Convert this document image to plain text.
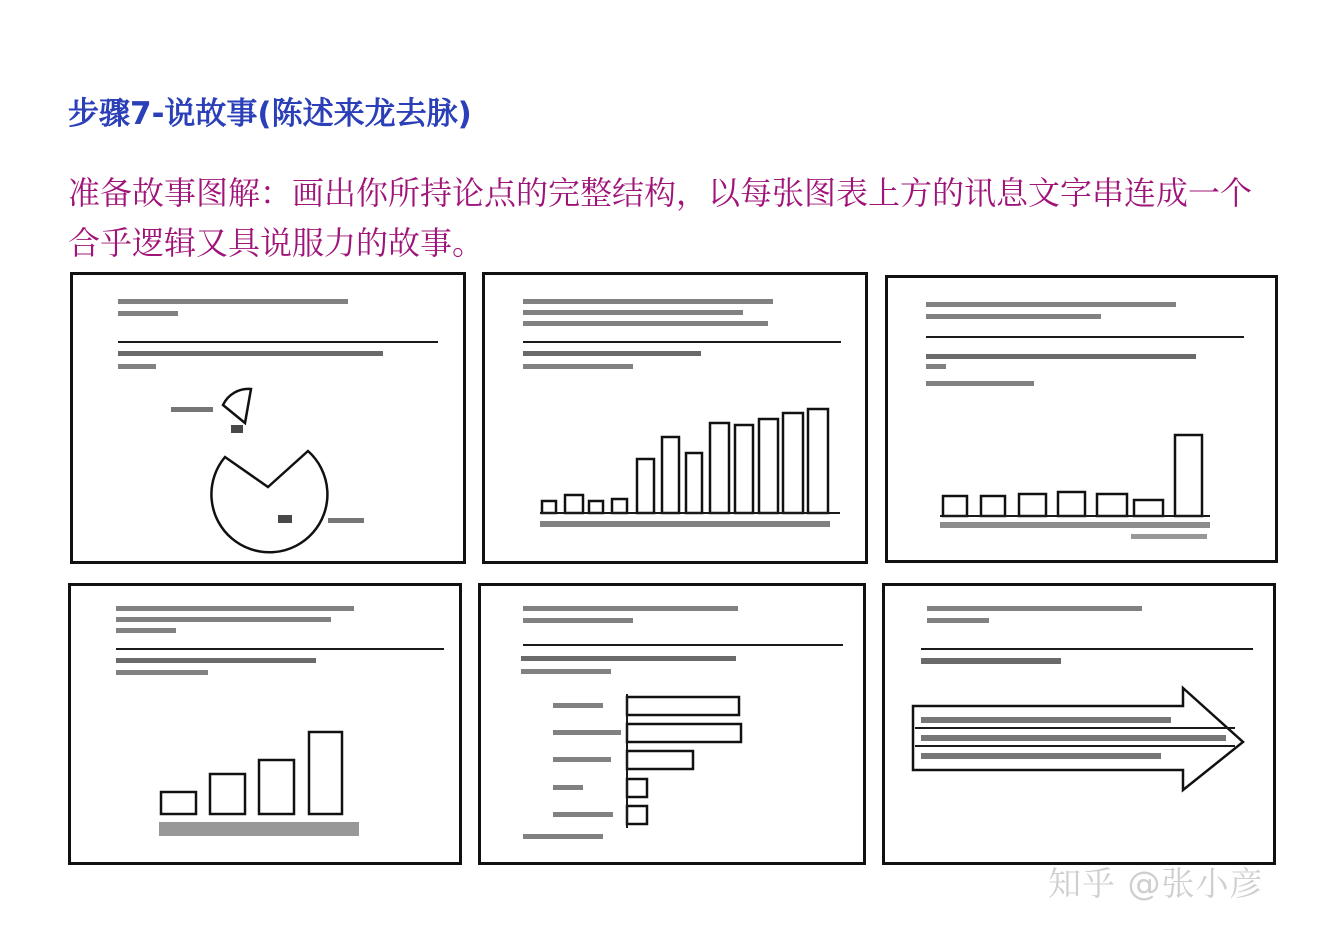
步骤7-说故事(陈述来龙去脉)
准备故事图解：画出你所持论点的完整结构，以每张图表上方的讯息文字串连成一个合乎逻辑又具说服力的故事。
知乎 @张小彦
